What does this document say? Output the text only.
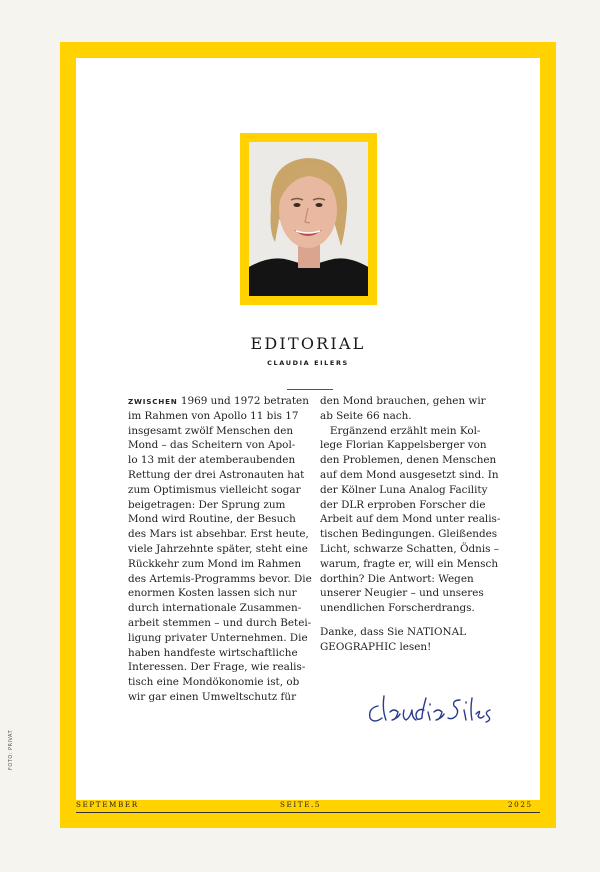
EDITORIAL
CLAUDIA EILERS
ZWISCHEN 1969 und 1972 betraten
im Rahmen von Apollo 11 bis 17
insgesamt zwölf Menschen den
Mond – das Scheitern von Apol-
lo 13 mit der atemberaubenden
Rettung der drei Astronauten hat
zum Optimismus vielleicht sogar
beigetragen: Der Sprung zum
Mond wird Routine, der Besuch
des Mars ist absehbar. Erst heute,
viele Jahrzehnte später, steht eine
Rückkehr zum Mond im Rahmen
des Artemis-Programms bevor. Die
enormen Kosten lassen sich nur
durch internationale Zusammen-
arbeit stemmen – und durch Betei-
ligung privater Unternehmen. Die
haben handfeste wirtschaftliche
Interessen. Der Frage, wie realis-
tisch eine Mondökonomie ist, ob
wir gar einen Umweltschutz für
den Mond brauchen, gehen wir
ab Seite 66 nach.
Ergänzend erzählt mein Kol-
lege Florian Kappelsberger von
den Problemen, denen Menschen
auf dem Mond ausgesetzt sind. In
der Kölner Luna Analog Facility
der DLR erproben Forscher die
Arbeit auf dem Mond unter realis-
tischen Bedingungen. Gleißendes
Licht, schwarze Schatten, Ödnis –
warum, fragte er, will ein Mensch
dorthin? Die Antwort: Wegen
unserer Neugier – und unseres
unendlichen Forscherdrangs.
Danke, dass Sie NATIONAL
GEOGRAPHIC lesen!
FOTO: PRIVAT
SEPTEMBER	SEITE.5	2025
